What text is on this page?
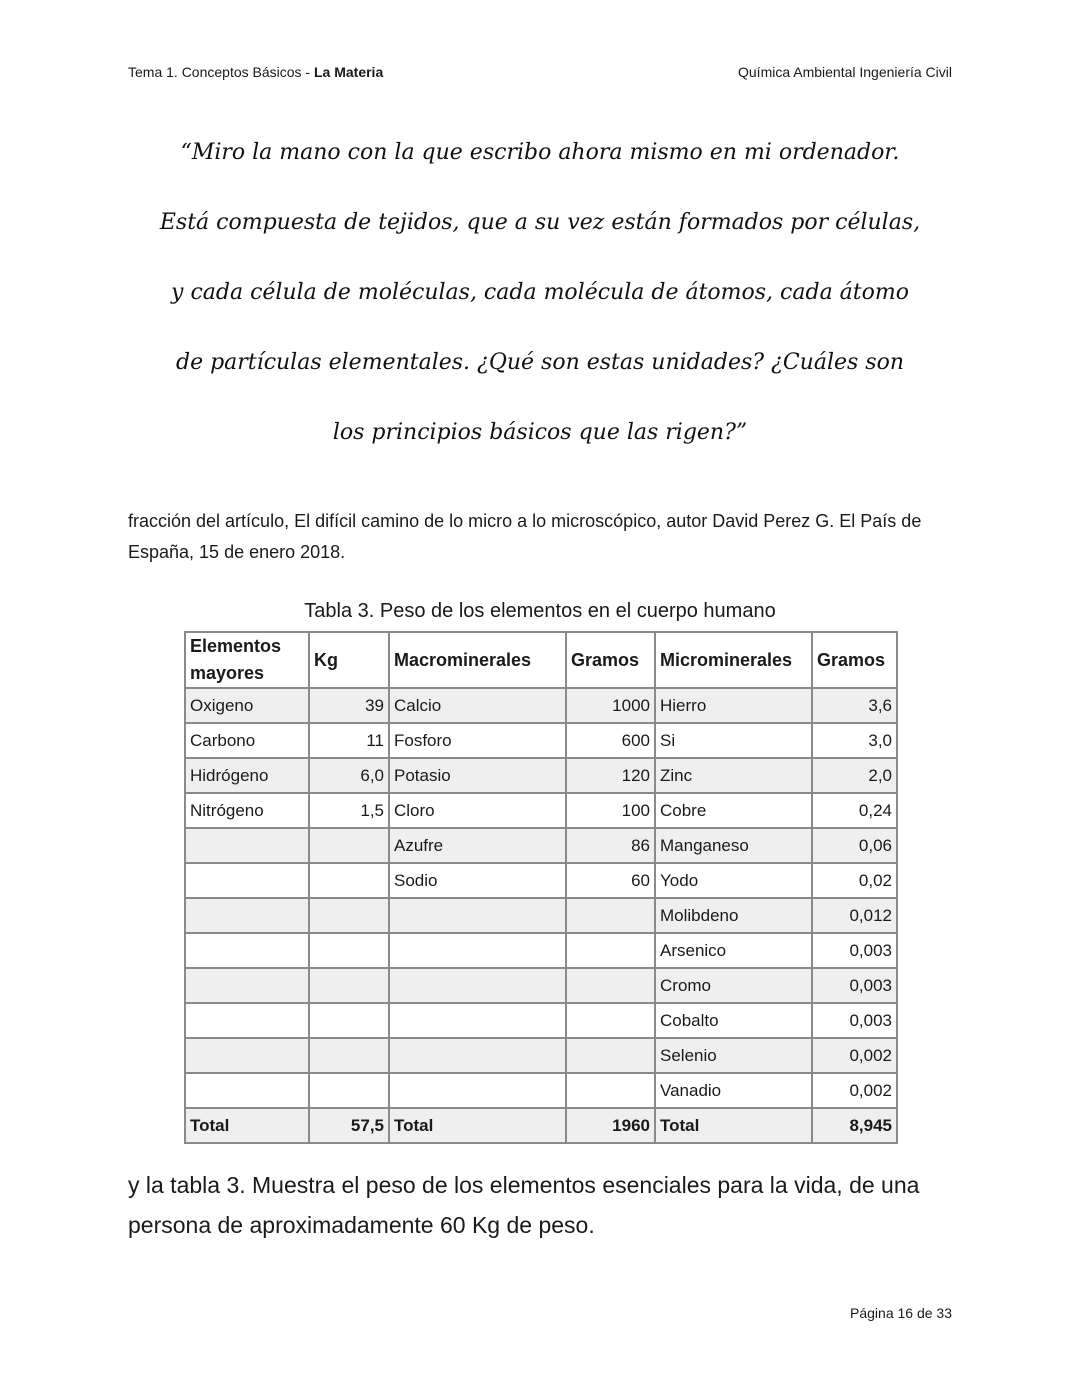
Tema 1. Conceptos Básicos - La Materia	Química Ambiental Ingeniería Civil
“Miro la mano con la que escribo ahora mismo en mi ordenador.
Está compuesta de tejidos, que a su vez están formados por células,
y cada célula de moléculas, cada molécula de átomos, cada átomo
de partículas elementales. ¿Qué son estas unidades? ¿Cuáles son
los principios básicos que las rigen?”
fracción del artículo, El difícil camino de lo micro a lo microscópico, autor David Perez G. El País de España, 15 de enero 2018.
Tabla 3. Peso de los elementos en el cuerpo humano
Elementos mayores	Kg	Macrominerales	Gramos	Microminerales	Gramos
Oxigeno	39	Calcio	1000	Hierro	3,6
Carbono	11	Fosforo	600	Si	3,0
Hidrógeno	6,0	Potasio	120	Zinc	2,0
Nitrógeno	1,5	Cloro	100	Cobre	0,24
		Azufre	86	Manganeso	0,06
		Sodio	60	Yodo	0,02
				Molibdeno	0,012
				Arsenico	0,003
				Cromo	0,003
				Cobalto	0,003
				Selenio	0,002
				Vanadio	0,002
Total	57,5	Total	1960	Total	8,945
y la tabla 3. Muestra el peso de los elementos esenciales para la vida, de una persona de aproximadamente 60 Kg de peso.
Página 16 de 33
